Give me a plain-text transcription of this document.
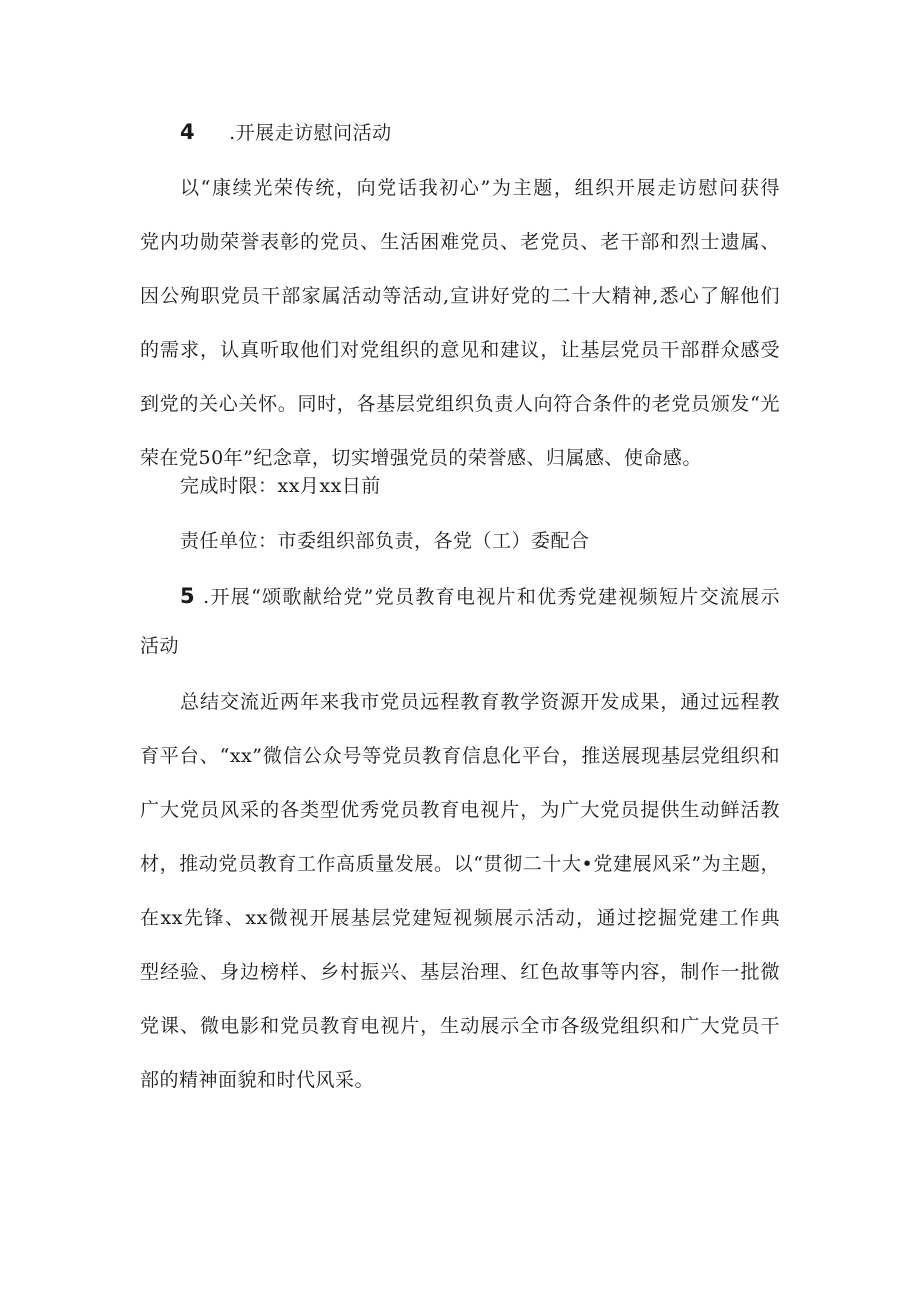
4 .开展走访慰问活动
以“康续光荣传统，向党话我初心”为主题，组织开展走访慰问获得
党内功勋荣誉表彰的党员、生活困难党员、老党员、老干部和烈士遗属、
因公殉职党员干部家属活动等活动,宣讲好党的二十大精神,悉心了解他们
的需求，认真听取他们对党组织的意见和建议，让基层党员干部群众感受
到党的关心关怀。同时，各基层党组织负责人向符合条件的老党员颁发“光
荣在党50年”纪念章，切实增强党员的荣誉感、归属感、使命感。
完成时限：xx月xx日前
责任单位：市委组织部负责，各党（工）委配合
5 .开展“颂歌献给党”党员教育电视片和优秀党建视频短片交流展示
活动
总结交流近两年来我市党员远程教育教学资源开发成果，通过远程教
育平台、“xx”微信公众号等党员教育信息化平台，推送展现基层党组织和
广大党员风采的各类型优秀党员教育电视片，为广大党员提供生动鲜活教
材，推动党员教育工作高质量发展。以“贯彻二十大•党建展风采”为主题，
在xx先锋、xx微视开展基层党建短视频展示活动，通过挖掘党建工作典
型经验、身边榜样、乡村振兴、基层治理、红色故事等内容，制作一批微
党课、微电影和党员教育电视片，生动展示全市各级党组织和广大党员干
部的精神面貌和时代风采。
